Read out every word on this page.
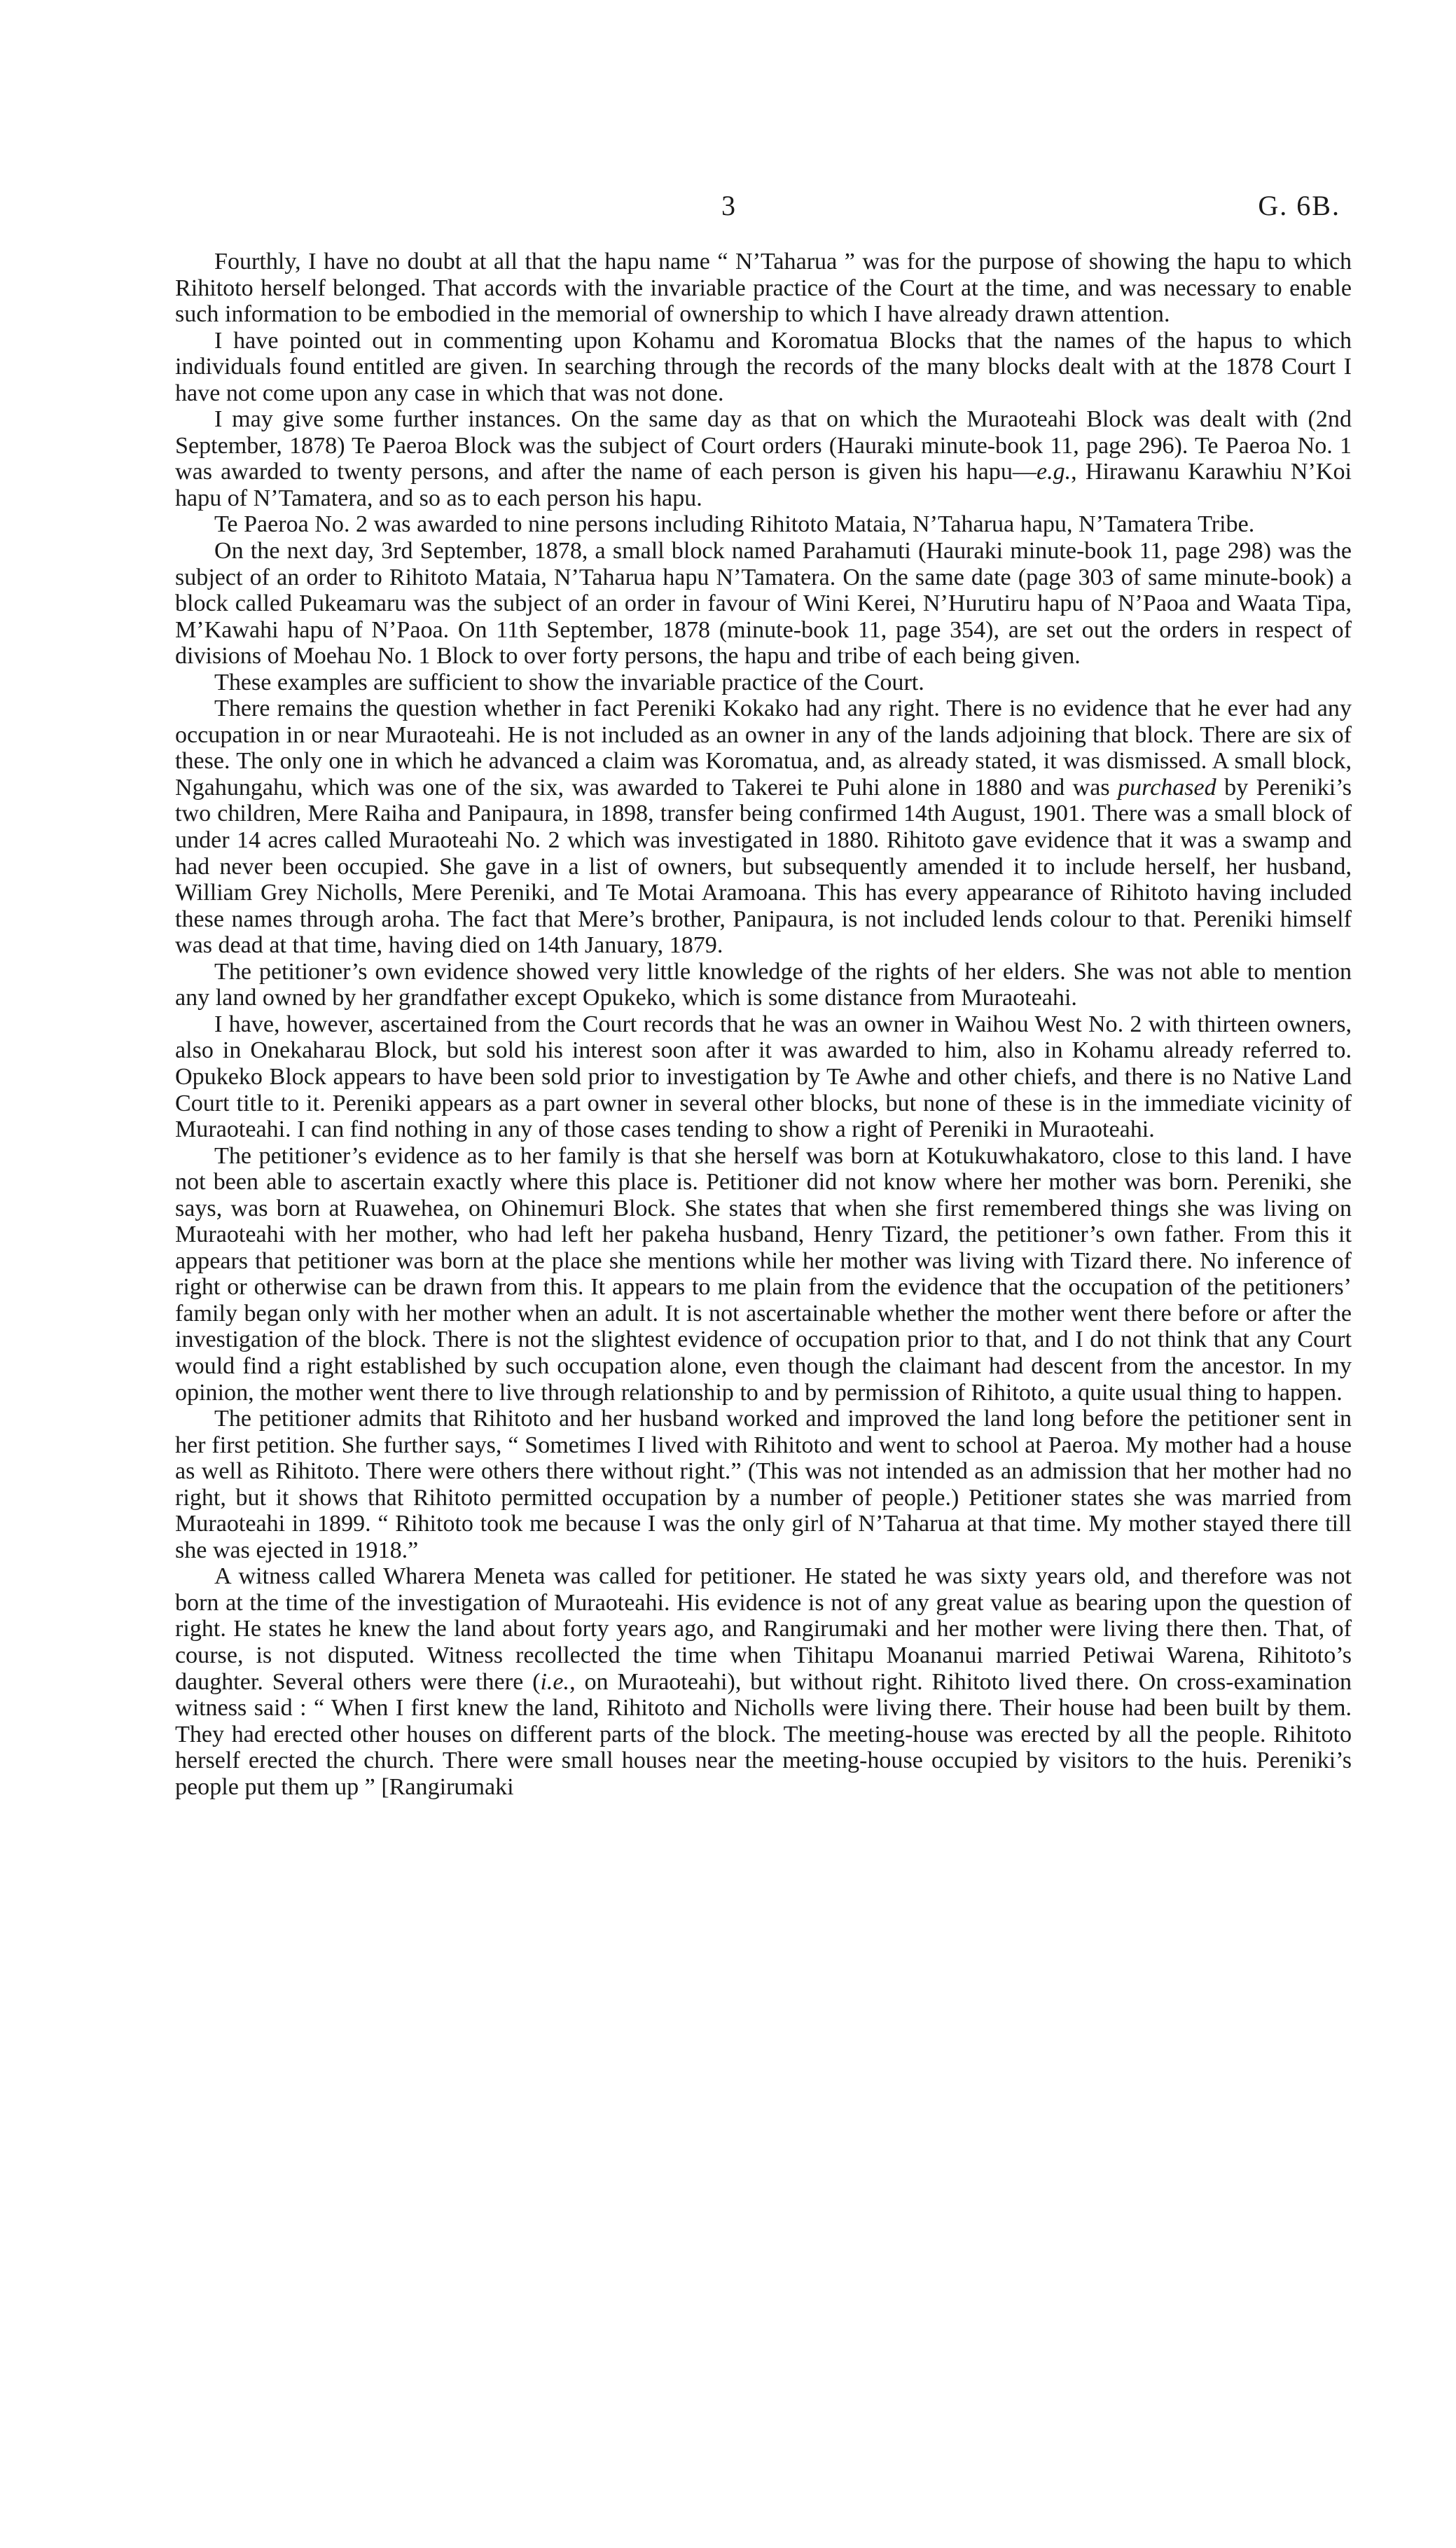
3	G. 6B.

Fourthly, I have no doubt at all that the hapu name “ N’Taharua ” was for the purpose of showing the hapu to which Rihitoto herself belonged. That accords with the invariable practice of the Court at the time, and was necessary to enable such information to be embodied in the memorial of ownership to which I have already drawn attention.

I have pointed out in commenting upon Kohamu and Koromatua Blocks that the names of the hapus to which individuals found entitled are given. In searching through the records of the many blocks dealt with at the 1878 Court I have not come upon any case in which that was not done.

I may give some further instances. On the same day as that on which the Muraoteahi Block was dealt with (2nd September, 1878) Te Paeroa Block was the subject of Court orders (Hauraki minute-book 11, page 296). Te Paeroa No. 1 was awarded to twenty persons, and after the name of each person is given his hapu—e.g., Hirawanu Karawhiu N’Koi hapu of N’Tamatera, and so as to each person his hapu.

Te Paeroa No. 2 was awarded to nine persons including Rihitoto Mataia, N’Taharua hapu, N’Tamatera Tribe.

On the next day, 3rd September, 1878, a small block named Parahamuti (Hauraki minute-book 11, page 298) was the subject of an order to Rihitoto Mataia, N’Taharua hapu N’Tamatera. On the same date (page 303 of same minute-book) a block called Pukeamaru was the subject of an order in favour of Wini Kerei, N’Hurutiru hapu of N’Paoa and Waata Tipa, M’Kawahi hapu of N’Paoa. On 11th September, 1878 (minute-book 11, page 354), are set out the orders in respect of divisions of Moehau No. 1 Block to over forty persons, the hapu and tribe of each being given.

These examples are sufficient to show the invariable practice of the Court.

There remains the question whether in fact Pereniki Kokako had any right. There is no evidence that he ever had any occupation in or near Muraoteahi. He is not included as an owner in any of the lands adjoining that block. There are six of these. The only one in which he advanced a claim was Koromatua, and, as already stated, it was dismissed. A small block, Ngahungahu, which was one of the six, was awarded to Takerei te Puhi alone in 1880 and was purchased by Pereniki’s two children, Mere Raiha and Panipaura, in 1898, transfer being confirmed 14th August, 1901. There was a small block of under 14 acres called Muraoteahi No. 2 which was investigated in 1880. Rihitoto gave evidence that it was a swamp and had never been occupied. She gave in a list of owners, but subsequently amended it to include herself, her husband, William Grey Nicholls, Mere Pereniki, and Te Motai Aramoana. This has every appearance of Rihitoto having included these names through aroha. The fact that Mere’s brother, Panipaura, is not included lends colour to that. Pereniki himself was dead at that time, having died on 14th January, 1879.

The petitioner’s own evidence showed very little knowledge of the rights of her elders. She was not able to mention any land owned by her grandfather except Opukeko, which is some distance from Muraoteahi.

I have, however, ascertained from the Court records that he was an owner in Waihou West No. 2 with thirteen owners, also in Onekaharau Block, but sold his interest soon after it was awarded to him, also in Kohamu already referred to. Opukeko Block appears to have been sold prior to investigation by Te Awhe and other chiefs, and there is no Native Land Court title to it. Pereniki appears as a part owner in several other blocks, but none of these is in the immediate vicinity of Muraoteahi. I can find nothing in any of those cases tending to show a right of Pereniki in Muraoteahi.

The petitioner’s evidence as to her family is that she herself was born at Kotukuwhakatoro, close to this land. I have not been able to ascertain exactly where this place is. Petitioner did not know where her mother was born. Pereniki, she says, was born at Ruawehea, on Ohinemuri Block. She states that when she first remembered things she was living on Muraoteahi with her mother, who had left her pakeha husband, Henry Tizard, the petitioner’s own father. From this it appears that petitioner was born at the place she mentions while her mother was living with Tizard there. No inference of right or otherwise can be drawn from this. It appears to me plain from the evidence that the occupation of the petitioners’ family began only with her mother when an adult. It is not ascertainable whether the mother went there before or after the investigation of the block. There is not the slightest evidence of occupation prior to that, and I do not think that any Court would find a right established by such occupation alone, even though the claimant had descent from the ancestor. In my opinion, the mother went there to live through relationship to and by permission of Rihitoto, a quite usual thing to happen.

The petitioner admits that Rihitoto and her husband worked and improved the land long before the petitioner sent in her first petition. She further says, “ Sometimes I lived with Rihitoto and went to school at Paeroa. My mother had a house as well as Rihitoto. There were others there without right.” (This was not intended as an admission that her mother had no right, but it shows that Rihitoto permitted occupation by a number of people.) Petitioner states she was married from Muraoteahi in 1899. “ Rihitoto took me because I was the only girl of N’Taharua at that time. My mother stayed there till she was ejected in 1918.”

A witness called Wharera Meneta was called for petitioner. He stated he was sixty years old, and therefore was not born at the time of the investigation of Muraoteahi. His evidence is not of any great value as bearing upon the question of right. He states he knew the land about forty years ago, and Rangirumaki and her mother were living there then. That, of course, is not disputed. Witness recollected the time when Tihitapu Moananui married Petiwai Warena, Rihitoto’s daughter. Several others were there (i.e., on Muraoteahi), but without right. Rihitoto lived there. On cross-examination witness said : “ When I first knew the land, Rihitoto and Nicholls were living there. Their house had been built by them. They had erected other houses on different parts of the block. The meeting-house was erected by all the people. Rihitoto herself erected the church. There were small houses near the meeting-house occupied by visitors to the huis. Pereniki’s people put them up ” [Rangirumaki
